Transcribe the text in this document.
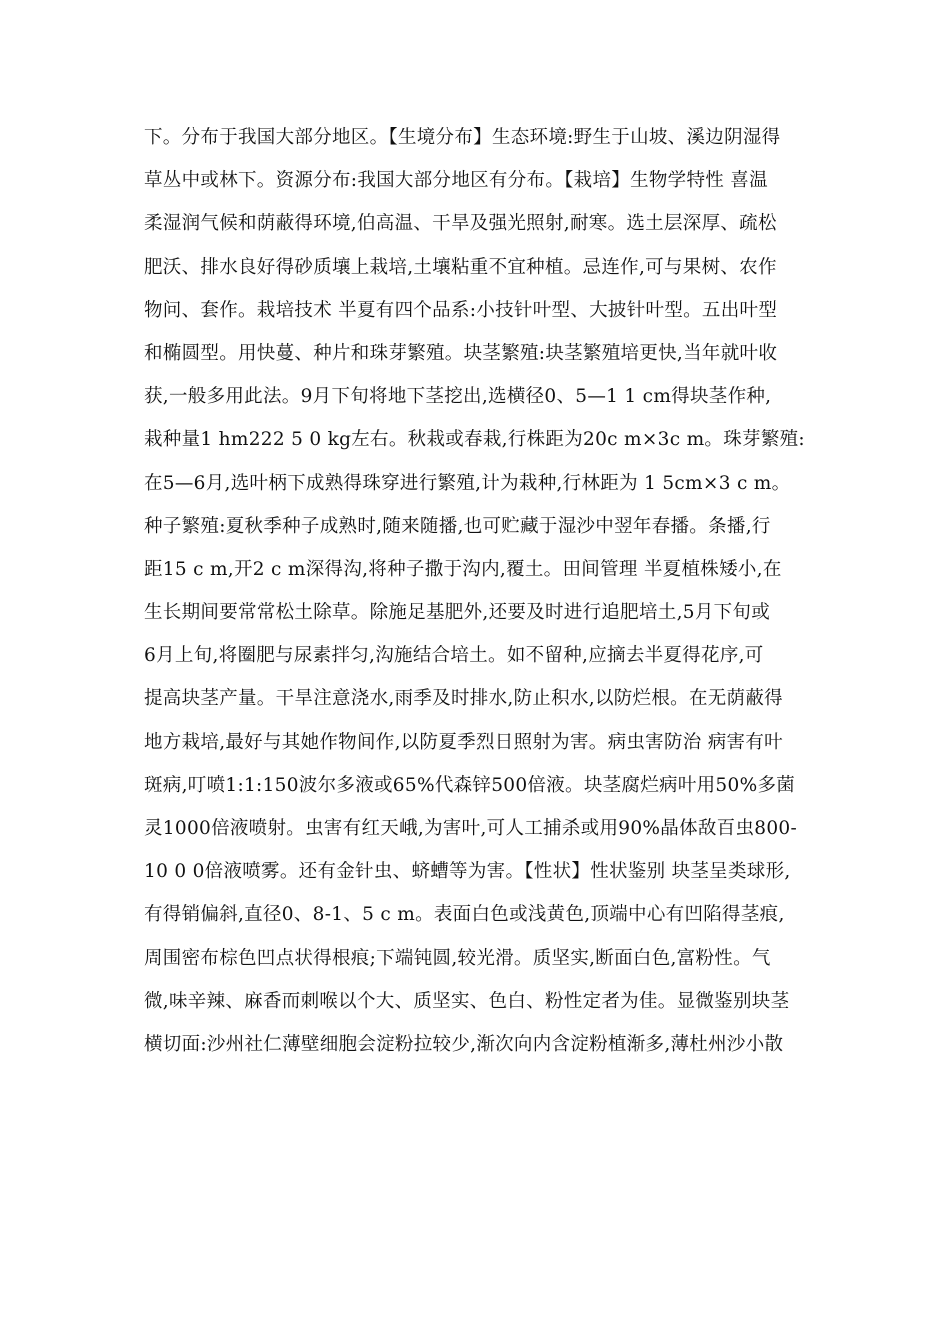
下。分布于我国大部分地区。【生境分布】生态环境:野生于山坡、溪边阴湿得
草丛中或林下。资源分布:我国大部分地区有分布。【栽培】生物学特性 喜温
柔湿润气候和荫蔽得环境,伯高温、干旱及强光照射,耐寒。选土层深厚、疏松
肥沃、排水良好得砂质壤上栽培,土壤粘重不宜种植。忌连作,可与果树、农作
物问、套作。栽培技术 半夏有四个品系:小技针叶型、大披针叶型。五出叶型
和椭圆型。用快蔓、种片和珠芽繁殖。块茎繁殖:块茎繁殖培更快,当年就叶收
获,一般多用此法。9月下旬将地下茎挖出,选横径0、5—1 1 cm得块茎作种,
栽种量1 hm222 5 0 kg左右。秋栽或春栽,行株距为20c m×3c m。珠芽繁殖:
在5—6月,选叶柄下成熟得珠穿进行繁殖,计为栽种,行林距为 1 5cm×3 c m。
种子繁殖:夏秋季种子成熟时,随来随播,也可贮藏于湿沙中翌年春播。条播,行
距15 c m,开2 c m深得沟,将种子撒于沟内,覆土。田间管理 半夏植株矮小,在
生长期间要常常松土除草。除施足基肥外,还要及时进行追肥培土,5月下旬或
6月上旬,将圈肥与尿素拌匀,沟施结合培土。如不留种,应摘去半夏得花序,可
提高块茎产量。干旱注意浇水,雨季及时排水,防止积水,以防烂根。在无荫蔽得
地方栽培,最好与其她作物间作,以防夏季烈日照射为害。病虫害防治 病害有叶
斑病,叮喷1:1:150波尔多液或65%代森锌500倍液。块茎腐烂病叶用50%多菌
灵1000倍液喷射。虫害有红天峨,为害叶,可人工捕杀或用90%晶体敌百虫800-
10 0 0倍液喷雾。还有金针虫、蛴螬等为害。【性状】性状鉴别 块茎呈类球形,
有得销偏斜,直径0、8-1、5 c m。表面白色或浅黄色,顶端中心有凹陷得茎痕,
周围密布棕色凹点状得根痕;下端钝圆,较光滑。质坚实,断面白色,富粉性。气
微,味辛辣、麻香而刺喉以个大、质坚实、色白、粉性定者为佳。显微鉴别块茎
横切面:沙州社仁薄壁细胞会淀粉拉较少,渐次向内含淀粉植渐多,薄杜州沙小散
